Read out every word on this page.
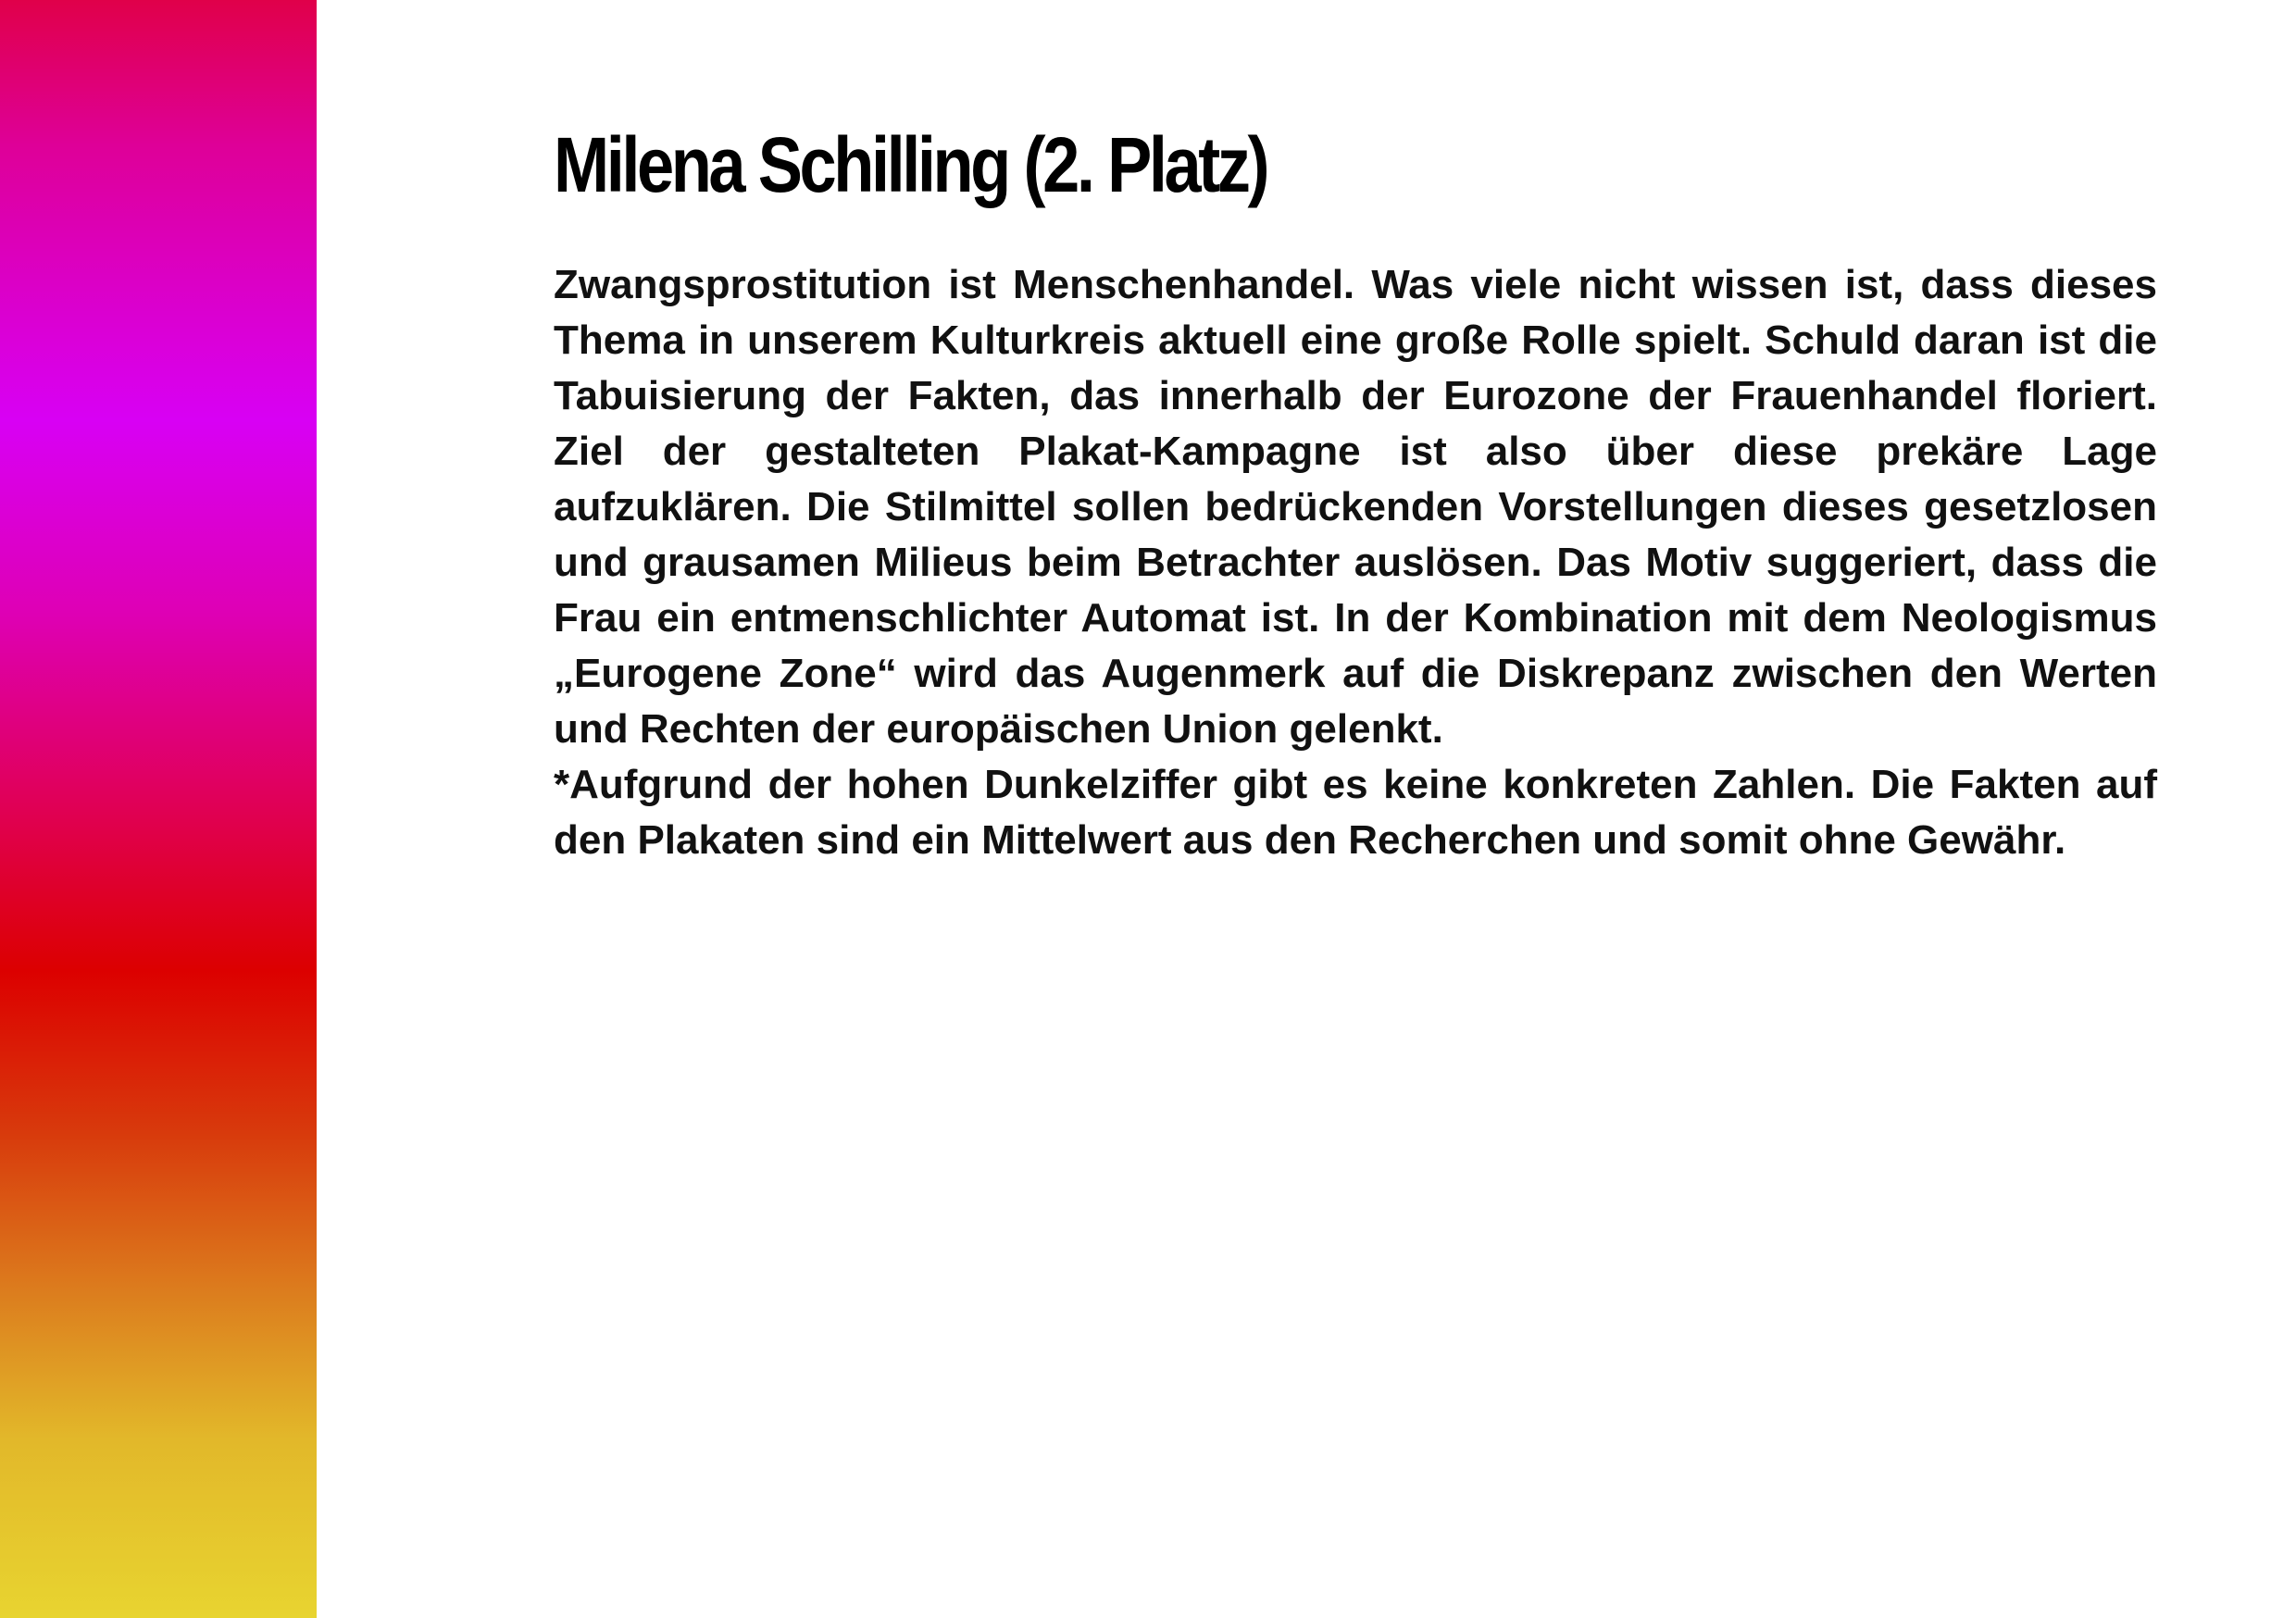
Milena Schilling (2. Platz)

Zwangsprostitution ist Menschenhandel. Was viele nicht wissen ist, dass dieses Thema in unserem Kulturkreis aktuell eine große Rolle spielt. Schuld daran ist die Tabuisierung der Fakten, das innerhalb der Eurozone der Frauenhandel floriert. Ziel der gestalteten Plakat-Kampagne ist also über diese prekäre Lage aufzuklären. Die Stilmittel sollen bedrückenden Vorstellungen dieses gesetzlosen und grausamen Milieus beim Betrachter auslösen. Das Motiv suggeriert, dass die Frau ein entmenschlichter Automat ist. In der Kombination mit dem Neologismus „Eurogene Zone“ wird das Augenmerk auf die Diskrepanz zwischen den Werten und Rechten der europäischen Union gelenkt.

*Aufgrund der hohen Dunkelziffer gibt es keine konkreten Zahlen. Die Fakten auf den Plakaten sind ein Mittelwert aus den Recherchen und somit ohne Gewähr.
